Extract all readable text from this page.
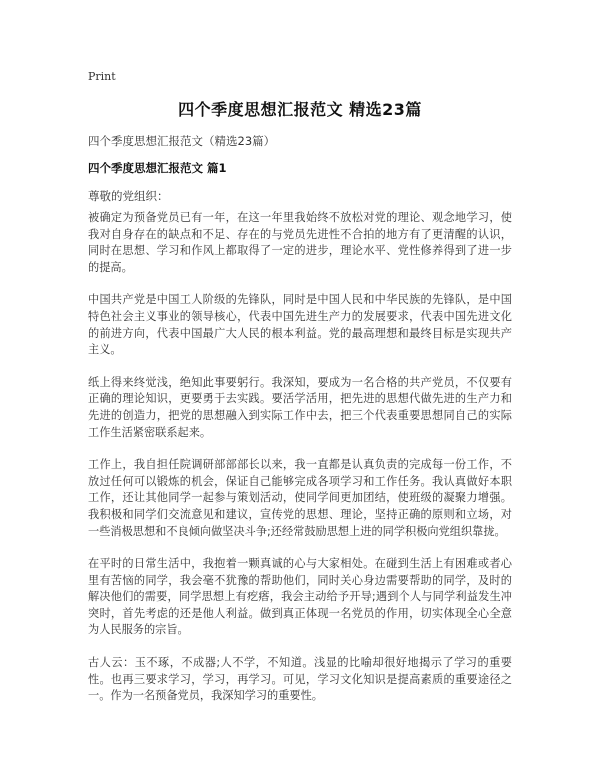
Print
四个季度思想汇报范文 精选23篇
四个季度思想汇报范文（精选23篇）
四个季度思想汇报范文 篇1
尊敬的党组织：

被确定为预备党员已有一年，在这一年里我始终不放松对党的理论、观念地学习，使我对自身存在的缺点和不足、存在的与党员先进性不合拍的地方有了更清醒的认识，同时在思想、学习和作风上都取得了一定的进步，理论水平、党性修养得到了进一步的提高。

中国共产党是中国工人阶级的先锋队，同时是中国人民和中华民族的先锋队，是中国特色社会主义事业的领导核心，代表中国先进生产力的发展要求，代表中国先进文化的前进方向，代表中国最广大人民的根本利益。党的最高理想和最终目标是实现共产主义。

纸上得来终觉浅，绝知此事要躬行。我深知，要成为一名合格的共产党员，不仅要有正确的理论知识，更要勇于去实践。要活学活用，把先进的思想代做先进的生产力和先进的创造力，把党的思想融入到实际工作中去，把三个代表重要思想同自己的实际工作生活紧密联系起来。

工作上，我自担任院调研部部部长以来，我一直都是认真负责的完成每一份工作，不放过任何可以锻炼的机会，保证自己能够完成各项学习和工作任务。我认真做好本职工作，还让其他同学一起参与策划活动，使同学间更加团结，使班级的凝聚力增强。我积极和同学们交流意见和建议，宣传党的思想、理论，坚持正确的原则和立场，对一些消极思想和不良倾向做坚决斗争;还经常鼓励思想上进的同学积极向党组织靠拢。

在平时的日常生活中，我抱着一颗真诚的心与大家相处。在碰到生活上有困难或者心里有苦恼的同学，我会毫不犹豫的帮助他们，同时关心身边需要帮助的同学，及时的解决他们的需要，同学思想上有疙瘩，我会主动给予开导;遇到个人与同学利益发生冲突时，首先考虑的还是他人利益。做到真正体现一名党员的作用，切实体现全心全意为人民服务的宗旨。

古人云：玉不琢，不成器;人不学，不知道。浅显的比喻却很好地揭示了学习的重要性。也再三要求学习，学习，再学习。可见，学习文化知识是提高素质的重要途径之一。作为一名预备党员，我深知学习的重要性。
